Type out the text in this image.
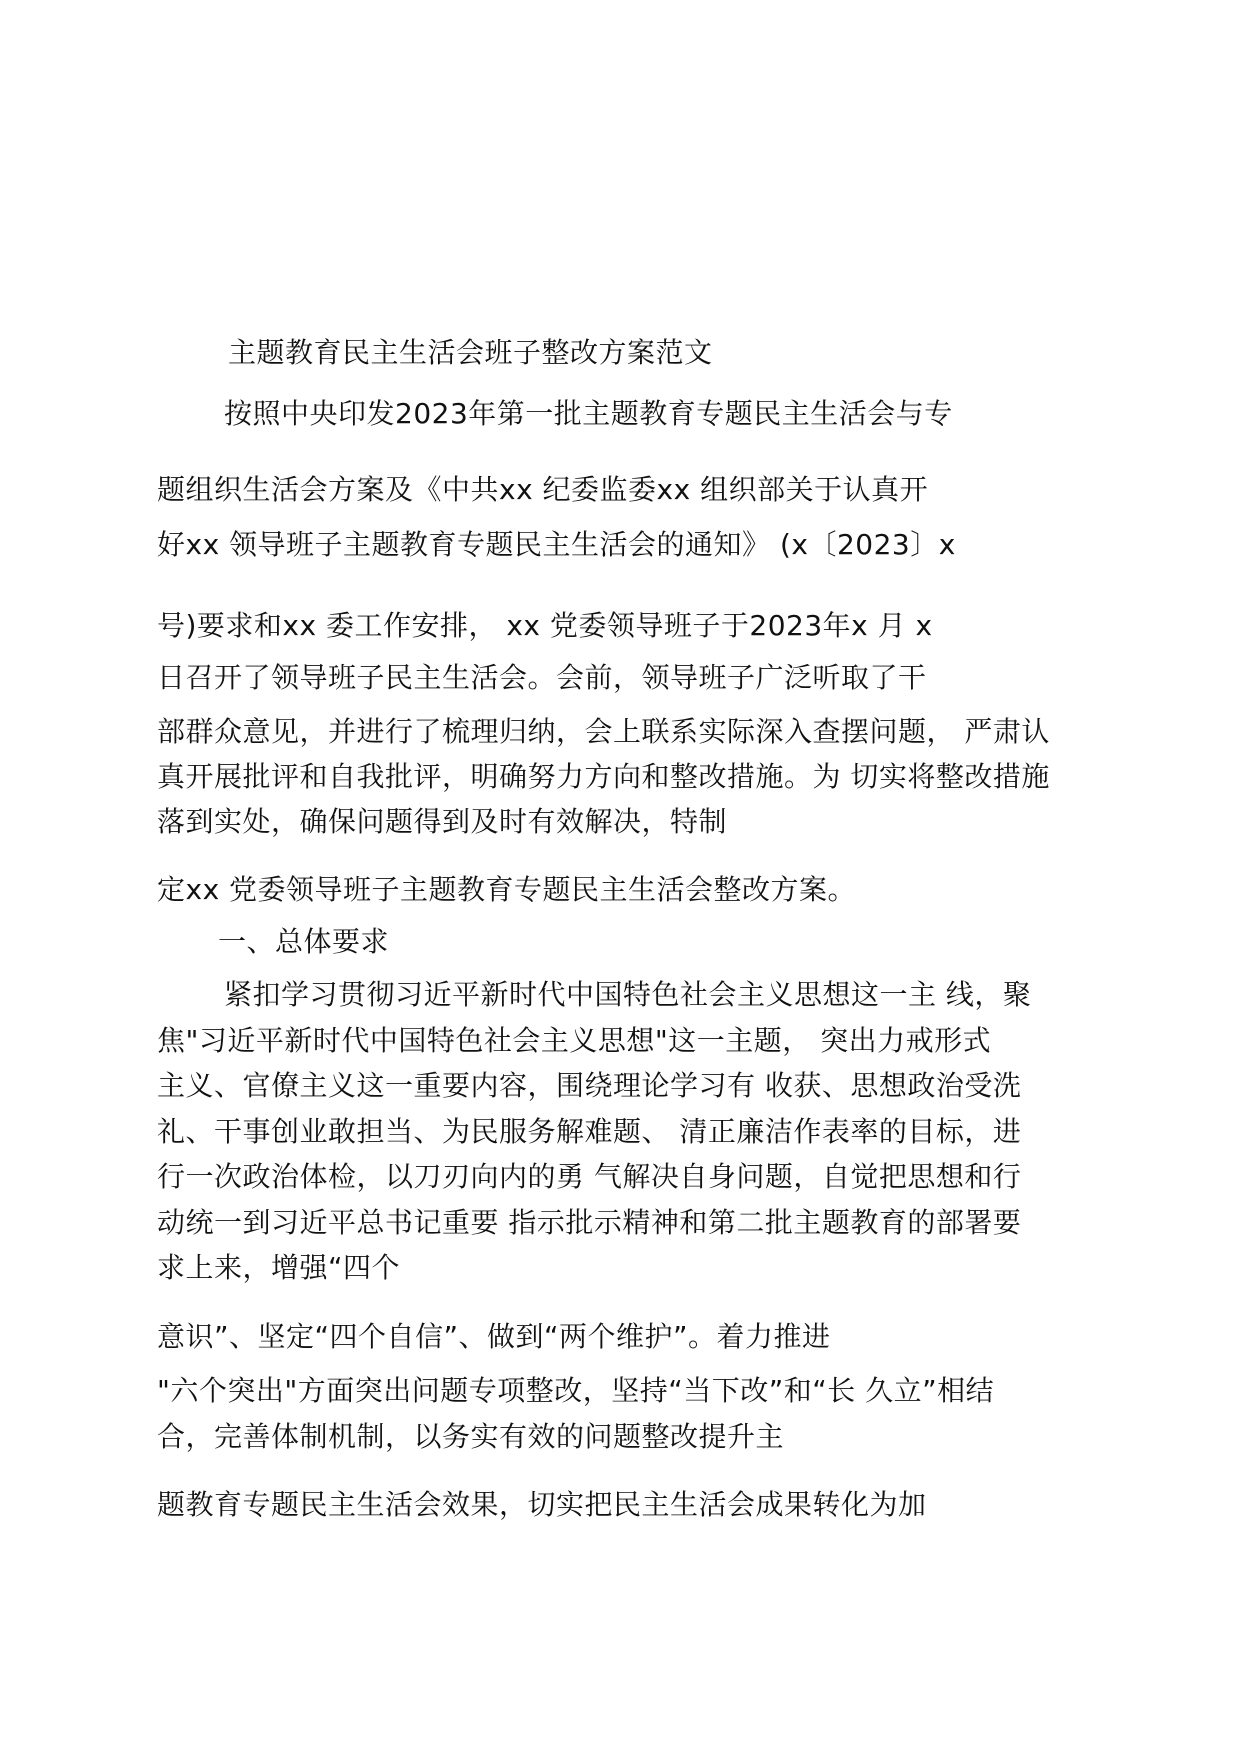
主题教育民主生活会班子整改方案范文
按照中央印发2023年第一批主题教育专题民主生活会与专
题组织生活会方案及《中共xx 纪委监委xx 组织部关于认真开
好xx 领导班子主题教育专题民主生活会的通知》 (x〔2023〕x
号)要求和xx 委工作安排， xx 党委领导班子于2023年x 月 x
日召开了领导班子民主生活会。会前，领导班子广泛听取了干
部群众意见，并进行了梳理归纳，会上联系实际深入查摆问题， 严肃认
真开展批评和自我批评，明确努力方向和整改措施。为 切实将整改措施
落到实处，确保问题得到及时有效解决，特制
定xx 党委领导班子主题教育专题民主生活会整改方案。
一、总体要求
紧扣学习贯彻习近平新时代中国特色社会主义思想这一主 线，聚
焦"习近平新时代中国特色社会主义思想"这一主题， 突出力戒形式
主义、官僚主义这一重要内容，围绕理论学习有 收获、思想政治受洗
礼、干事创业敢担当、为民服务解难题、 清正廉洁作表率的目标，进
行一次政治体检，以刀刃向内的勇 气解决自身问题，自觉把思想和行
动统一到习近平总书记重要 指示批示精神和第二批主题教育的部署要
求上来，增强“四个
意识”、坚定“四个自信”、做到“两个维护”。着力推进
"六个突出"方面突出问题专项整改，坚持“当下改”和“长 久立”相结
合，完善体制机制，以务实有效的问题整改提升主
题教育专题民主生活会效果，切实把民主生活会成果转化为加
